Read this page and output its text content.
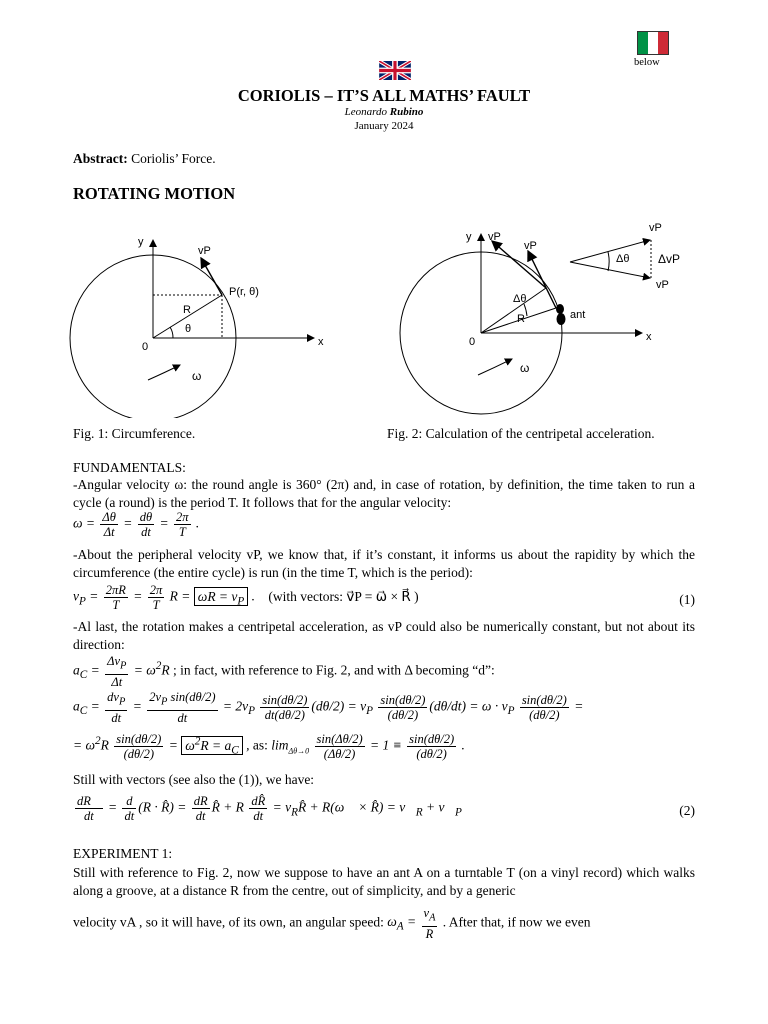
below
CORIOLIS – IT’S ALL MATHS’ FAULT
Leonardo Rubino
January 2024
Abstract: Coriolis’ Force.
ROTATING MOTION
y
x
0
vP
P(r, θ)
R
θ
ω
y
x
0
vP
vP
Δθ
R	ant
ω
vP
vP
Δθ ΔvP
Fig. 1: Circumference.	Fig. 2: Calculation of the centripetal acceleration.
FUNDAMENTALS:
-Angular velocity ω: the round angle is 360° (2π) and, in case of rotation, by definition, the time taken to run a cycle (a round) is the period T. It follows that for the angular velocity:
$\omega = \frac{\Delta\theta}{\Delta t} = \frac{d\theta}{dt} = \frac{2\pi}{T}$ .
-About the peripheral velocity vP, we know that, if it’s constant, it informs us about the rapidity by which the circumference (the entire cycle) is run (in the time T, which is the period):
$v_P = \frac{2\pi R}{T} = \frac{2\pi}{T}$ $R = \omega R = v_P$ . (with vectors: v⃗P = ω⃗ × R⃗ )	(1)
-Al last, the rotation makes a centripetal acceleration, as vP could also be numerically constant, but not about its direction:
$a_C = \frac{\Delta v_P}{\Delta t} = \omega^2R$ ; in fact, with reference to Fig. 2, and with Δ becoming “d”:
$a_C = \frac{dv_P}{dt} = \frac{2v_P \sin(d\theta/2)}{dt} = 2v_P \frac{\sin(d\theta/2)}{dt(d\theta/2)} (d\theta/2) = v_P \frac{\sin(d\theta/2)}{(d\theta/2)} (d\theta/dt) = \omega \cdot v_P \frac{\sin(d\theta/2)}{(d\theta/2)}$ =
= $\omega^2R \frac{\sin(d\theta/2)}{(d\theta/2)} = \omega^2R = a_C$ , as: $\lim_{\Delta\theta\to 0} \frac{\sin(\Delta\theta/2)}{(\Delta\theta/2)} = 1 \equiv \frac{\sin(d\theta/2)}{(d\theta/2)}$ .
Still with vectors (see also the (1)), we have:
$\frac{dR⃗}{dt} = \frac{d}{dt} (R$ · R̂) = $\frac{dR}{dt}$ R̂ + R $\frac{dR̂}{dt}$ = $v_RR̂$ + R(ω⃗ × R̂) = $v⃗_R$ + $v⃗_P$	(2)
EXPERIMENT 1:
Still with reference to Fig. 2, now we suppose to have an ant A on a turntable T (on a vinyl record) which walks along a groove, at a distance R from the centre, out of simplicity, and by a generic
velocity vA , so it will have, of its own, an angular speed: $\omega_A = \frac{v_A}{R}$ . After that, if now we even
